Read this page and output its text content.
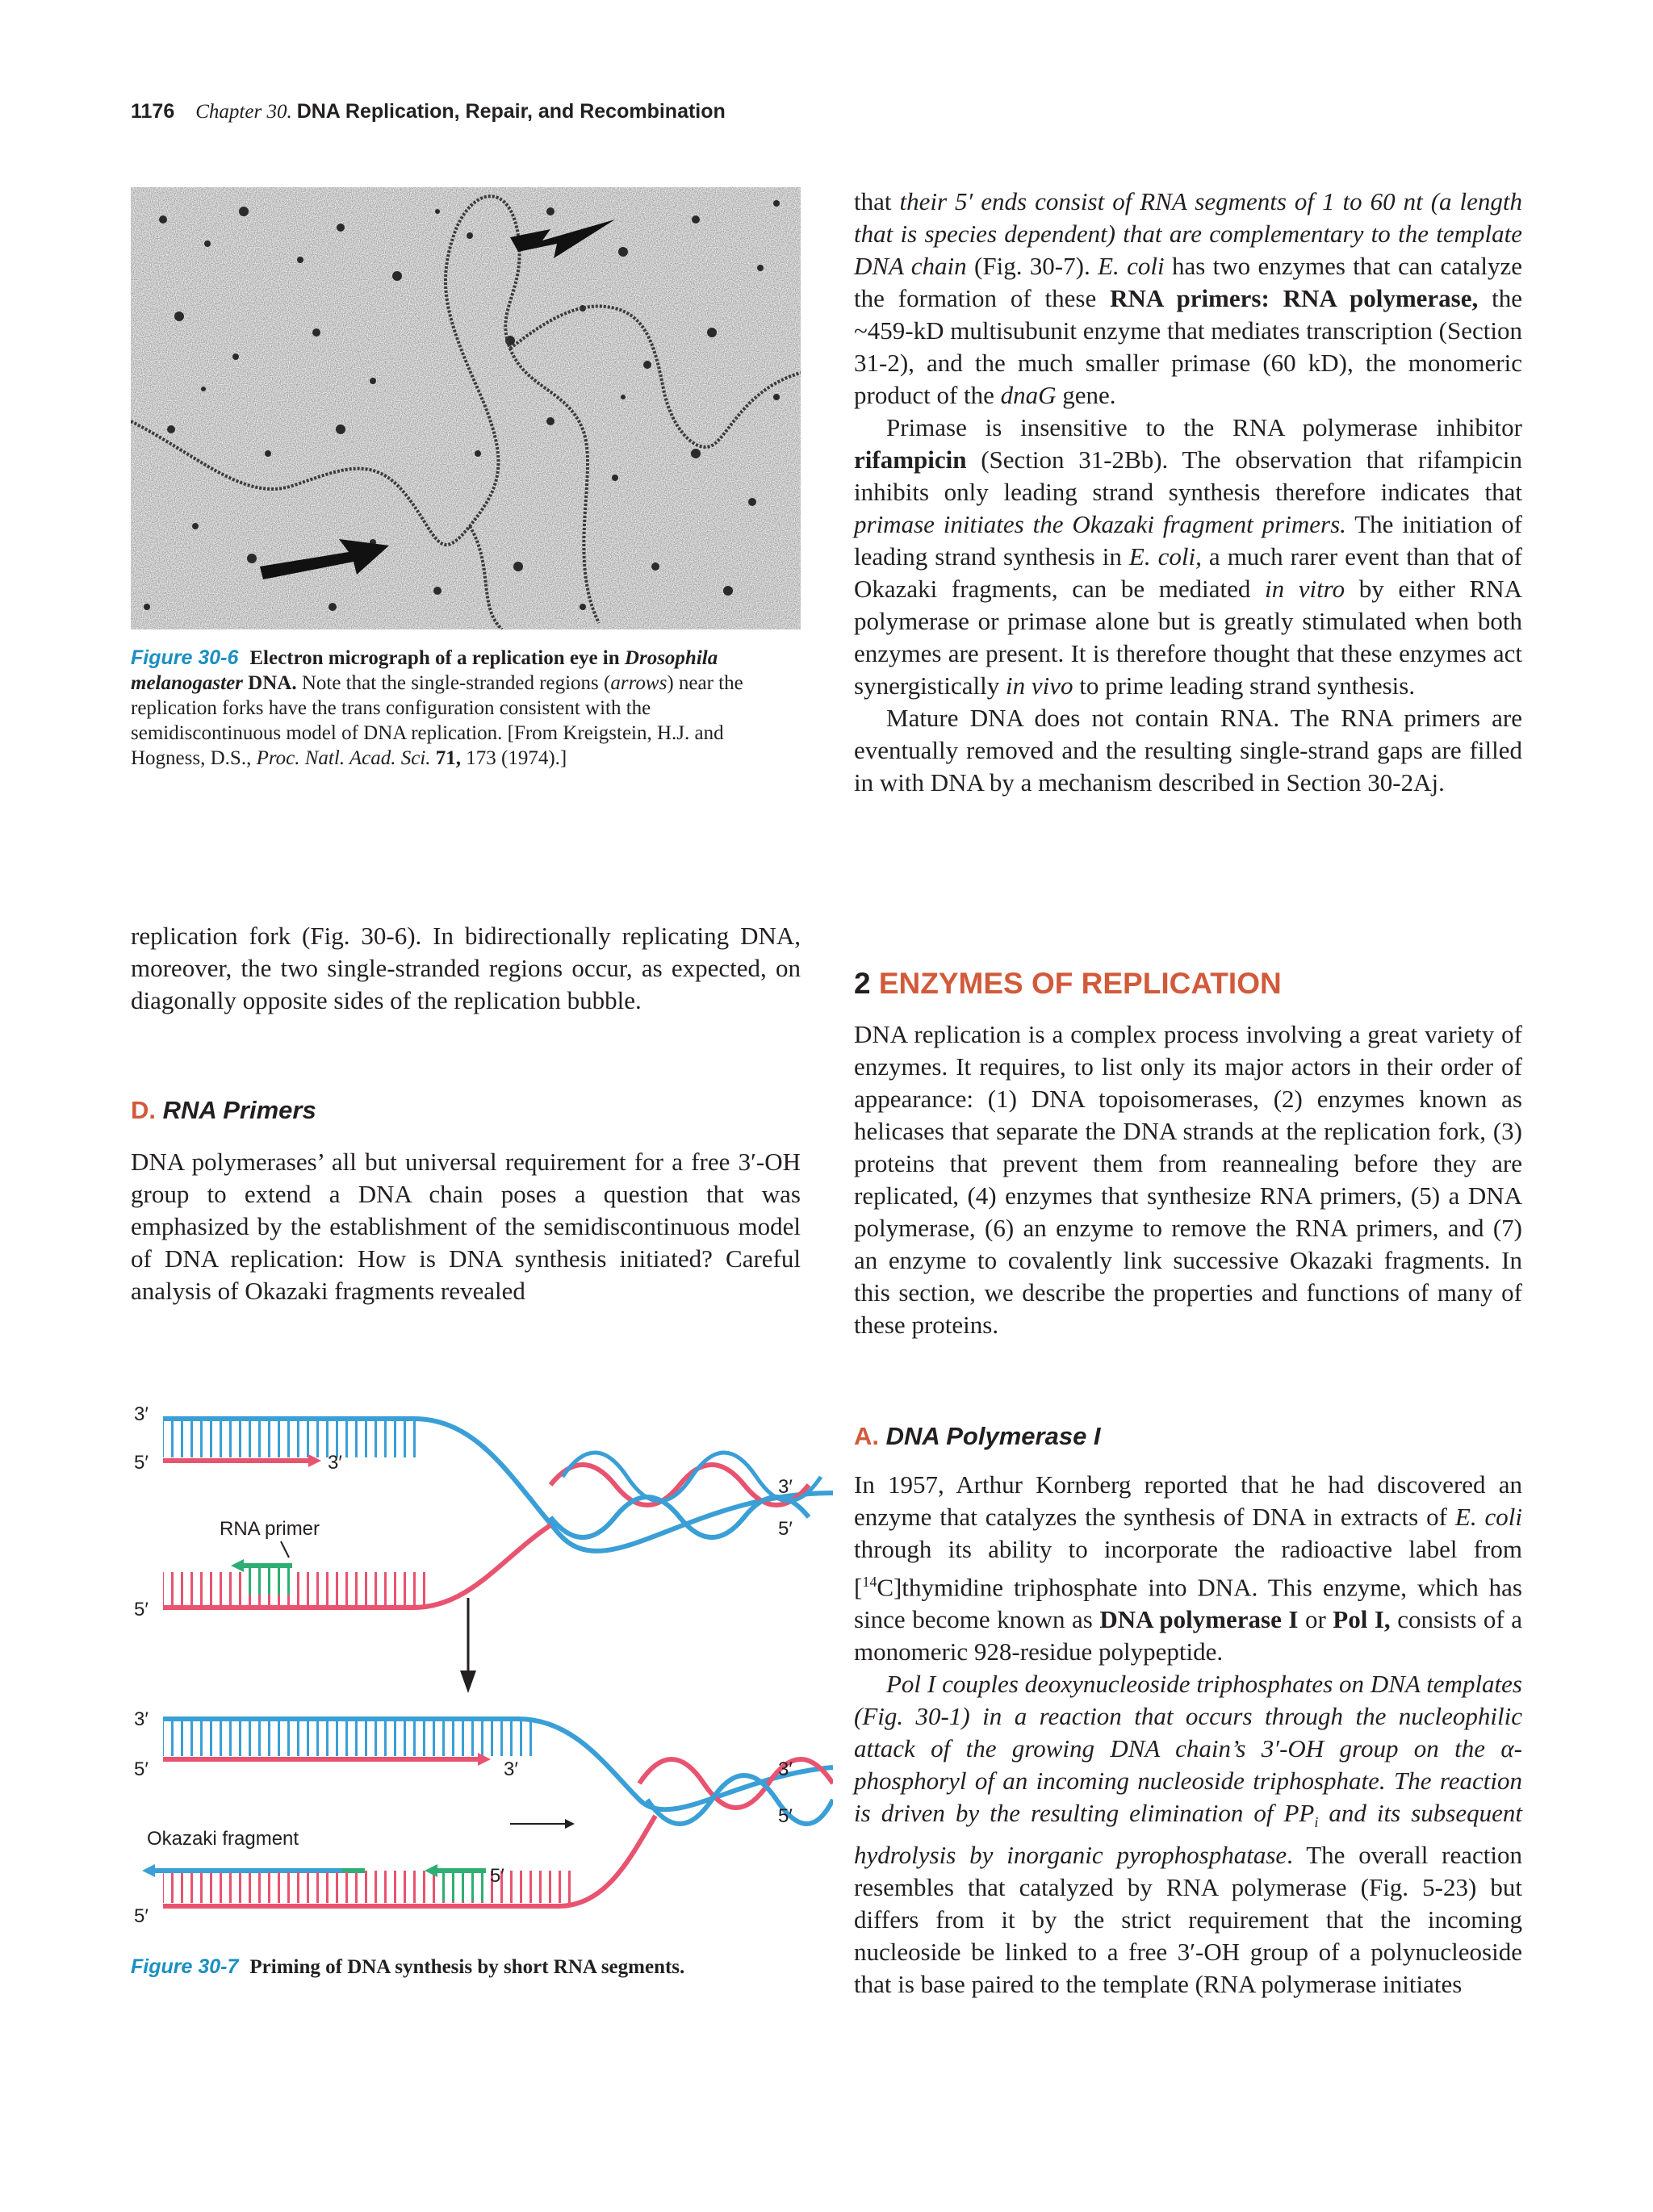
1176 Chapter 30. DNA Replication, Repair, and Recombination
Figure 30-6 Electron micrograph of a replication eye in Drosophila melanogaster DNA. Note that the single-stranded regions (arrows) near the replication forks have the trans configuration consistent with the semidiscontinuous model of DNA replication. [From Kreigstein, H.J. and Hogness, D.S., Proc. Natl. Acad. Sci. 71, 173 (1974).]

replication fork (Fig. 30-6). In bidirectionally replicating DNA, moreover, the two single-stranded regions occur, as expected, on diagonally opposite sides of the replication bubble.

D. RNA Primers

DNA polymerases’ all but universal requirement for a free 3′-OH group to extend a DNA chain poses a question that was emphasized by the establishment of the semidiscontinuous model of DNA replication: How is DNA synthesis initiated? Careful analysis of Okazaki fragments revealed

that their 5′ ends consist of RNA segments of 1 to 60 nt (a length that is species dependent) that are complementary to the template DNA chain (Fig. 30-7). E. coli has two enzymes that can catalyze the formation of these RNA primers: RNA polymerase, the ~459-kD multisubunit enzyme that mediates transcription (Section 31-2), and the much smaller primase (60 kD), the monomeric product of the dnaG gene.

Primase is insensitive to the RNA polymerase inhibitor rifampicin (Section 31-2Bb). The observation that rifampicin inhibits only leading strand synthesis therefore indicates that primase initiates the Okazaki fragment primers. The initiation of leading strand synthesis in E. coli, a much rarer event than that of Okazaki fragments, can be mediated in vitro by either RNA polymerase or primase alone but is greatly stimulated when both enzymes are present. It is therefore thought that these enzymes act synergistically in vivo to prime leading strand synthesis.

Mature DNA does not contain RNA. The RNA primers are eventually removed and the resulting single-strand gaps are filled in with DNA by a mechanism described in Section 30-2Aj.

2 ENZYMES OF REPLICATION

DNA replication is a complex process involving a great variety of enzymes. It requires, to list only its major actors in their order of appearance: (1) DNA topoisomerases, (2) enzymes known as helicases that separate the DNA strands at the replication fork, (3) proteins that prevent them from reannealing before they are replicated, (4) enzymes that synthesize RNA primers, (5) a DNA polymerase, (6) an enzyme to remove the RNA primers, and (7) an enzyme to covalently link successive Okazaki fragments. In this section, we describe the properties and functions of many of these proteins.

A. DNA Polymerase I

In 1957, Arthur Kornberg reported that he had discovered an enzyme that catalyzes the synthesis of DNA in extracts of E. coli through its ability to incorporate the radioactive label from [$^{14}$C]thymidine triphosphate into DNA. This enzyme, which has since become known as DNA polymerase I or Pol I, consists of a monomeric 928-residue polypeptide.

Pol I couples deoxynucleoside triphosphates on DNA templates (Fig. 30-1) in a reaction that occurs through the nucleophilic attack of the growing DNA chain’s 3′-OH group on the α-phosphoryl of an incoming nucleoside triphosphate. The reaction is driven by the resulting elimination of $PP_i$ and its subsequent hydrolysis by inorganic pyrophosphatase. The overall reaction resembles that catalyzed by RNA polymerase (Fig. 5-23) but differs from it by the strict requirement that the incoming nucleoside be linked to a free 3′-OH group of a polynucleoside that is base paired to the template (RNA polymerase initiates

3′
5′	3′
3′
5′
RNA primer
5′
3′
5′	3′	3′
5′
Okazaki fragment
5′
5′
Figure 30-7 Priming of DNA synthesis by short RNA segments.
